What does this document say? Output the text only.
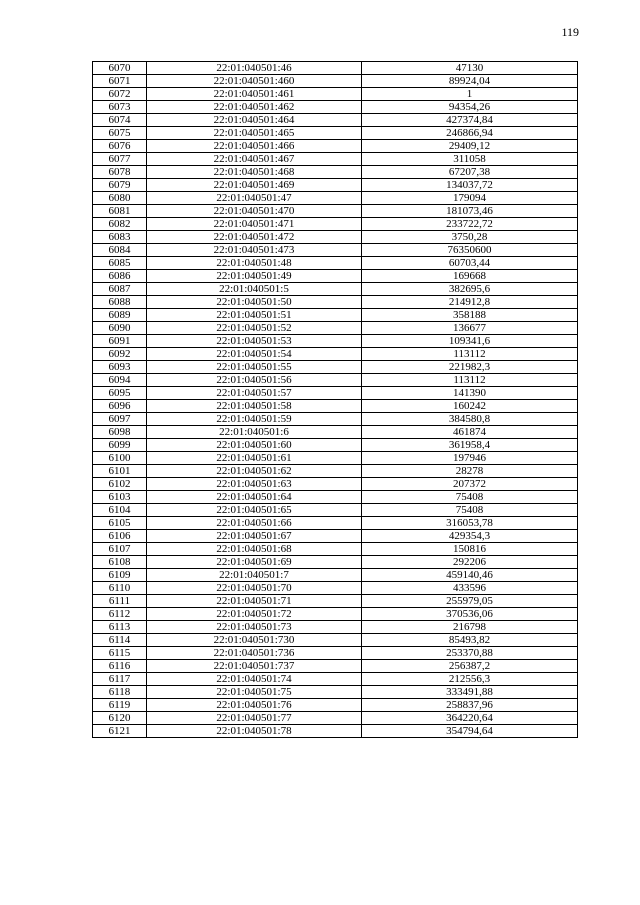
119
6070	22:01:040501:46	47130
6071	22:01:040501:460	89924,04
6072	22:01:040501:461	1
6073	22:01:040501:462	94354,26
6074	22:01:040501:464	427374,84
6075	22:01:040501:465	246866,94
6076	22:01:040501:466	29409,12
6077	22:01:040501:467	311058
6078	22:01:040501:468	67207,38
6079	22:01:040501:469	134037,72
6080	22:01:040501:47	179094
6081	22:01:040501:470	181073,46
6082	22:01:040501:471	233722,72
6083	22:01:040501:472	3750,28
6084	22:01:040501:473	76350600
6085	22:01:040501:48	60703,44
6086	22:01:040501:49	169668
6087	22:01:040501:5	382695,6
6088	22:01:040501:50	214912,8
6089	22:01:040501:51	358188
6090	22:01:040501:52	136677
6091	22:01:040501:53	109341,6
6092	22:01:040501:54	113112
6093	22:01:040501:55	221982,3
6094	22:01:040501:56	113112
6095	22:01:040501:57	141390
6096	22:01:040501:58	160242
6097	22:01:040501:59	384580,8
6098	22:01:040501:6	461874
6099	22:01:040501:60	361958,4
6100	22:01:040501:61	197946
6101	22:01:040501:62	28278
6102	22:01:040501:63	207372
6103	22:01:040501:64	75408
6104	22:01:040501:65	75408
6105	22:01:040501:66	316053,78
6106	22:01:040501:67	429354,3
6107	22:01:040501:68	150816
6108	22:01:040501:69	292206
6109	22:01:040501:7	459140,46
6110	22:01:040501:70	433596
6111	22:01:040501:71	255979,05
6112	22:01:040501:72	370536,06
6113	22:01:040501:73	216798
6114	22:01:040501:730	85493,82
6115	22:01:040501:736	253370,88
6116	22:01:040501:737	256387,2
6117	22:01:040501:74	212556,3
6118	22:01:040501:75	333491,88
6119	22:01:040501:76	258837,96
6120	22:01:040501:77	364220,64
6121	22:01:040501:78	354794,64
